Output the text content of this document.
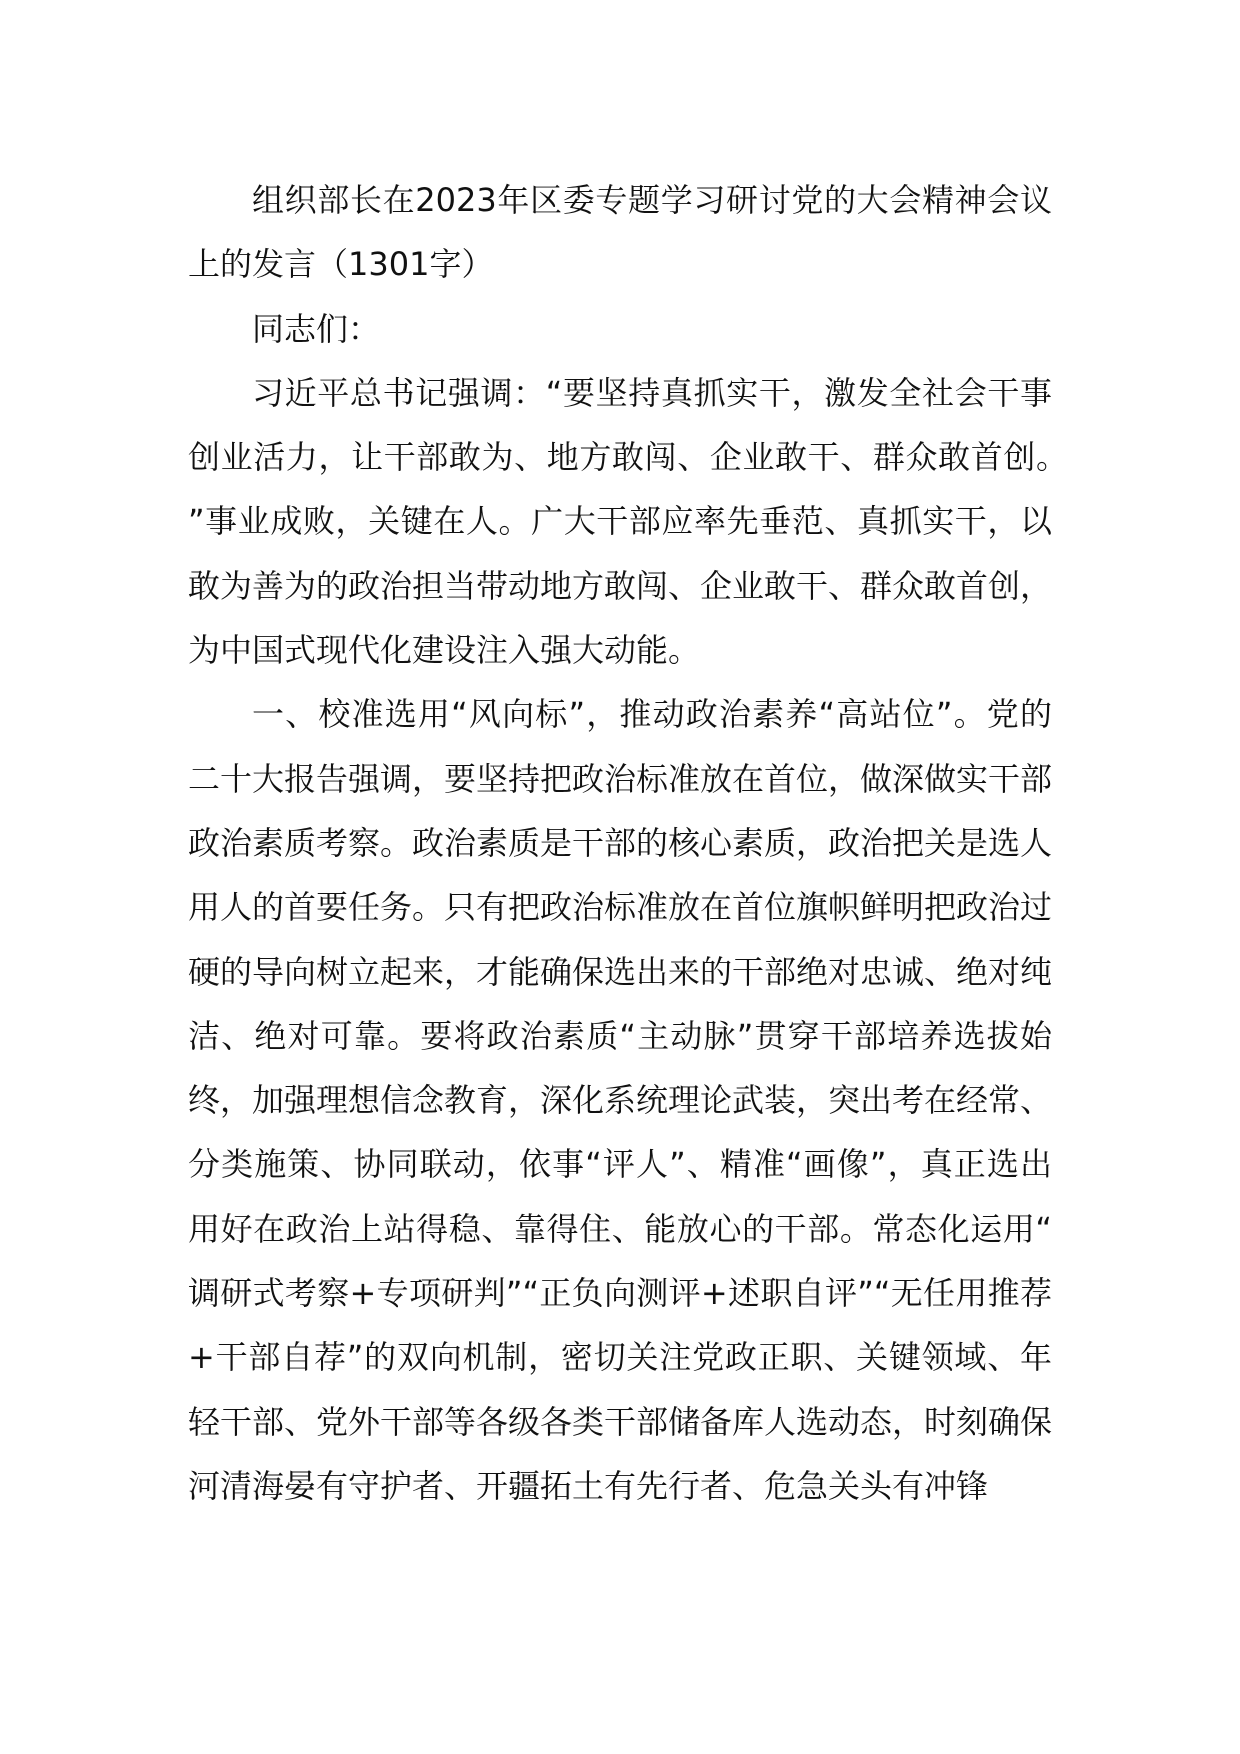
组织部长在2023年区委专题学习研讨党的大会精神会议上的发言（1301字）

同志们：

习近平总书记强调：“要坚持真抓实干，激发全社会干事创业活力，让干部敢为、地方敢闯、企业敢干、群众敢首创。”事业成败，关键在人。广大干部应率先垂范、真抓实干，以敢为善为的政治担当带动地方敢闯、企业敢干、群众敢首创，为中国式现代化建设注入强大动能。

一、校准选用“风向标”，推动政治素养“高站位”。党的二十大报告强调，要坚持把政治标准放在首位，做深做实干部政治素质考察。政治素质是干部的核心素质，政治把关是选人用人的首要任务。只有把政治标准放在首位旗帜鲜明把政治过硬的导向树立起来，才能确保选出来的干部绝对忠诚、绝对纯洁、绝对可靠。要将政治素质“主动脉”贯穿干部培养选拔始终，加强理想信念教育，深化系统理论武装，突出考在经常、分类施策、协同联动，依事“评人”、精准“画像”，真正选出用好在政治上站得稳、靠得住、能放心的干部。常态化运用“调研式考察+专项研判”“正负向测评+述职自评”“无任用推荐+干部自荐”的双向机制，密切关注党政正职、关键领域、年轻干部、党外干部等各级各类干部储备库人选动态，时刻确保河清海晏有守护者、开疆拓土有先行者、危急关头有冲锋
